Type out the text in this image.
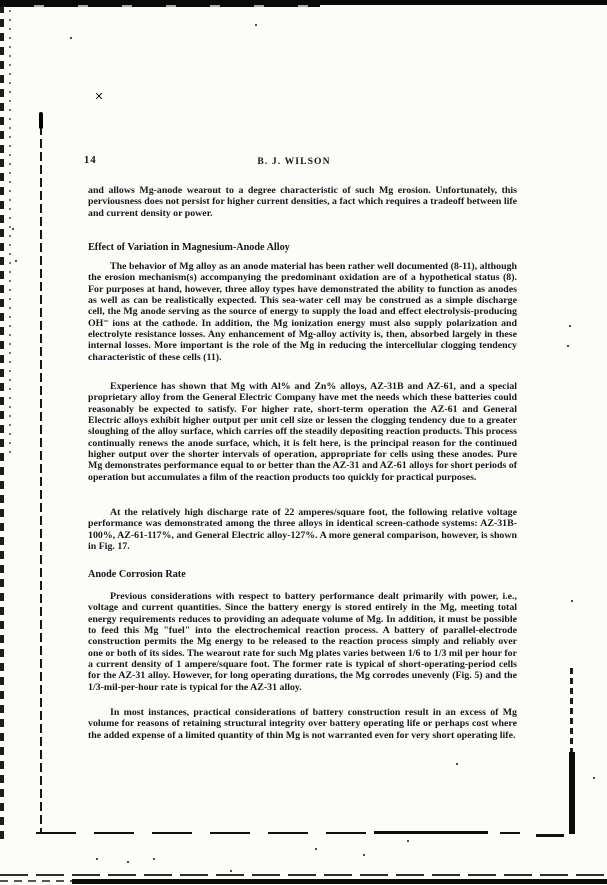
14	B. J. WILSON
and allows Mg-anode wearout to a degree characteristic of such Mg erosion. Unfortunately, this perviousness does not persist for higher current densities, a fact which requires a tradeoff between life and current density or power.
Effect of Variation in Magnesium-Anode Alloy
The behavior of Mg alloy as an anode material has been rather well documented (8-11), although the erosion mechanism(s) accompanying the predominant oxidation are of a hypothetical status (8). For purposes at hand, however, three alloy types have demonstrated the ability to function as anodes as well as can be realistically expected. This sea-water cell may be construed as a simple discharge cell, the Mg anode serving as the source of energy to supply the load and effect electrolysis-producing OH⁻ ions at the cathode. In addition, the Mg ionization energy must also supply polarization and electrolyte resistance losses. Any enhancement of Mg-alloy activity is, then, absorbed largely in these internal losses. More important is the role of the Mg in reducing the intercellular clogging tendency characteristic of these cells (11).
Experience has shown that Mg with Al% and Zn% alloys, AZ-31B and AZ-61, and a special proprietary alloy from the General Electric Company have met the needs which these batteries could reasonably be expected to satisfy. For higher rate, short-term operation the AZ-61 and General Electric alloys exhibit higher output per unit cell size or lessen the clogging tendency due to a greater sloughing of the alloy surface, which carries off the steadily depositing reaction products. This process continually renews the anode surface, which, it is felt here, is the principal reason for the continued higher output over the shorter intervals of operation, appropriate for cells using these anodes. Pure Mg demonstrates performance equal to or better than the AZ-31 and AZ-61 alloys for short periods of operation but accumulates a film of the reaction products too quickly for practical purposes.
At the relatively high discharge rate of 22 amperes/square foot, the following relative voltage performance was demonstrated among the three alloys in identical screen-cathode systems: AZ-31B-100%, AZ-61-117%, and General Electric alloy-127%. A more general comparison, however, is shown in Fig. 17.
Anode Corrosion Rate
Previous considerations with respect to battery performance dealt primarily with power, i.e., voltage and current quantities. Since the battery energy is stored entirely in the Mg, meeting total energy requirements reduces to providing an adequate volume of Mg. In addition, it must be possible to feed this Mg "fuel" into the electrochemical reaction process. A battery of parallel-electrode construction permits the Mg energy to be released to the reaction process simply and reliably over one or both of its sides. The wearout rate for such Mg plates varies between 1/6 to 1/3 mil per hour for a current density of 1 ampere/square foot. The former rate is typical of short-operating-period cells for the AZ-31 alloy. However, for long operating durations, the Mg corrodes unevenly (Fig. 5) and the 1/3-mil-per-hour rate is typical for the AZ-31 alloy.
In most instances, practical considerations of battery construction result in an excess of Mg volume for reasons of retaining structural integrity over battery operating life or perhaps cost where the added expense of a limited quantity of thin Mg is not warranted even for very short operating life.
